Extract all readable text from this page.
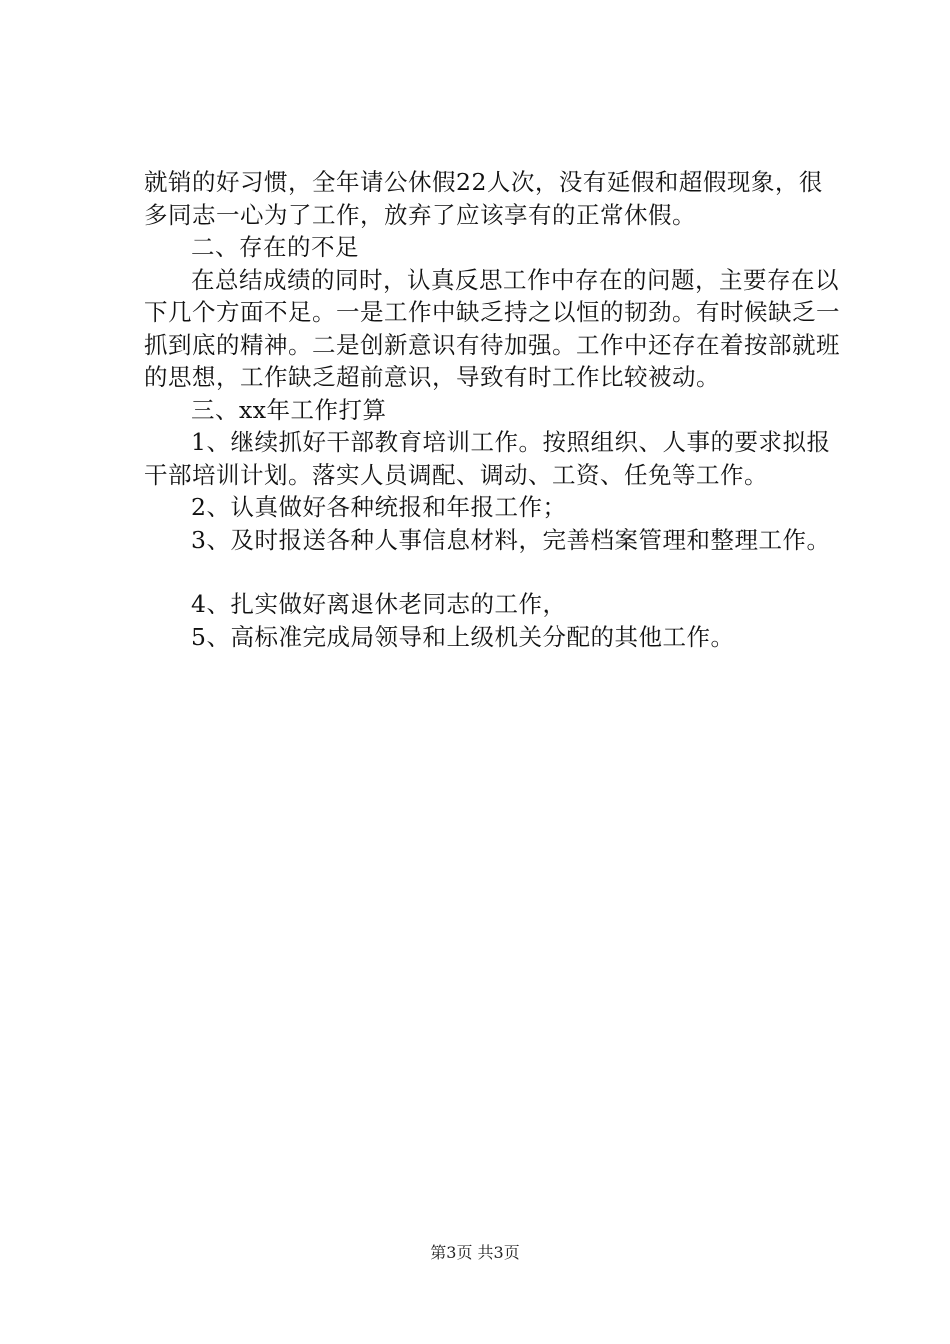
就销的好习惯，全年请公休假22人次，没有延假和超假现象，很多同志一心为了工作，放弃了应该享有的正常休假。

二、存在的不足

在总结成绩的同时，认真反思工作中存在的问题，主要存在以下几个方面不足。一是工作中缺乏持之以恒的韧劲。有时候缺乏一抓到底的精神。二是创新意识有待加强。工作中还存在着按部就班的思想，工作缺乏超前意识，导致有时工作比较被动。

三、xx年工作打算

1、继续抓好干部教育培训工作。按照组织、人事的要求拟报干部培训计划。落实人员调配、调动、工资、任免等工作。

2、认真做好各种统报和年报工作；

3、及时报送各种人事信息材料，完善档案管理和整理工作。

4、扎实做好离退休老同志的工作，

5、高标准完成局领导和上级机关分配的其他工作。

第3页 共3页
